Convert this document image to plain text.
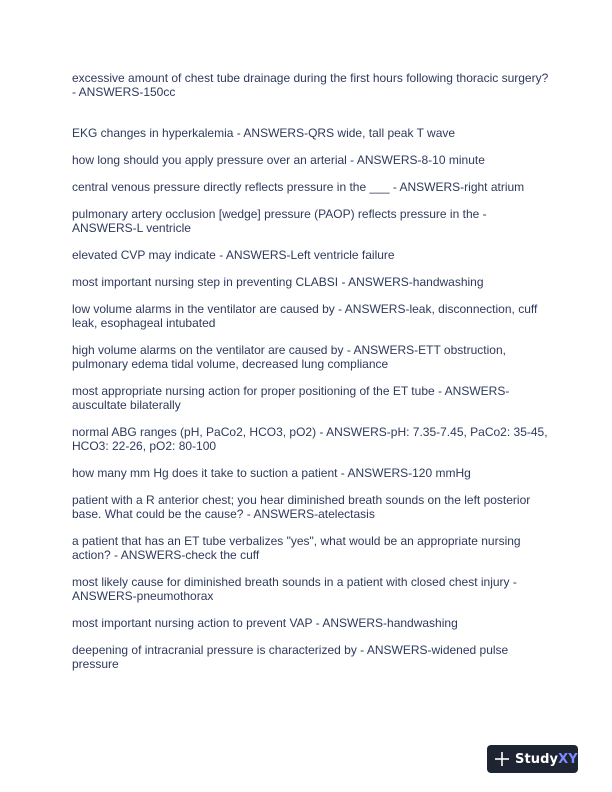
excessive amount of chest tube drainage during the first hours following thoracic surgery? - ANSWERS-150cc

EKG changes in hyperkalemia - ANSWERS-QRS wide, tall peak T wave

how long should you apply pressure over an arterial - ANSWERS-8-10 minute

central venous pressure directly reflects pressure in the ___ - ANSWERS-right atrium

pulmonary artery occlusion [wedge] pressure (PAOP) reflects pressure in the - ANSWERS-L ventricle

elevated CVP may indicate - ANSWERS-Left ventricle failure

most important nursing step in preventing CLABSI - ANSWERS-handwashing

low volume alarms in the ventilator are caused by - ANSWERS-leak, disconnection, cuff leak, esophageal intubated

high volume alarms on the ventilator are caused by - ANSWERS-ETT obstruction, pulmonary edema tidal volume, decreased lung compliance

most appropriate nursing action for proper positioning of the ET tube - ANSWERS-auscultate bilaterally

normal ABG ranges (pH, PaCo2, HCO3, pO2) - ANSWERS-pH: 7.35-7.45, PaCo2: 35-45, HCO3: 22-26, pO2: 80-100

how many mm Hg does it take to suction a patient - ANSWERS-120 mmHg

patient with a R anterior chest; you hear diminished breath sounds on the left posterior base. What could be the cause? - ANSWERS-atelectasis

a patient that has an ET tube verbalizes "yes", what would be an appropriate nursing action? - ANSWERS-check the cuff

most likely cause for diminished breath sounds in a patient with closed chest injury - ANSWERS-pneumothorax

most important nursing action to prevent VAP - ANSWERS-handwashing

deepening of intracranial pressure is characterized by - ANSWERS-widened pulse pressure

StudyXY
